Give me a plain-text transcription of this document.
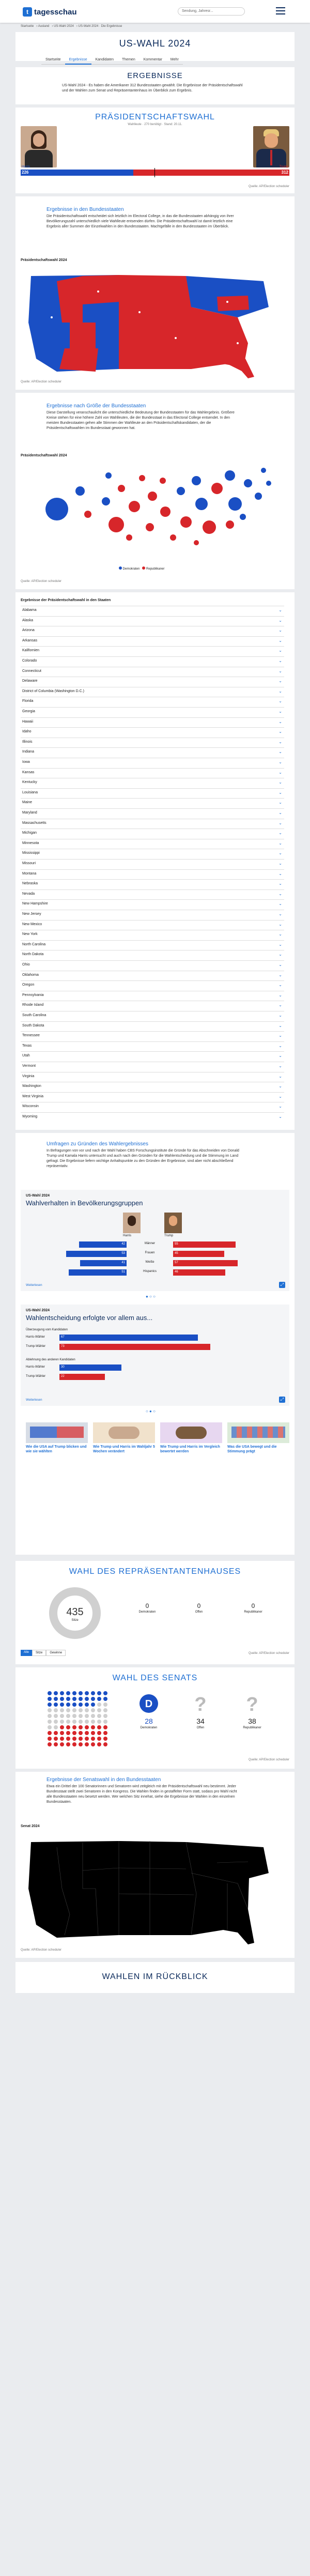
t tagesschau	Sendung, Jahresr...
Startseite › Ausland › US-Wahl 2024 › US-Wahl 2024 · Die Ergebnisse
US-WAHL 2024
Startseite	Ergebnisse	Kandidaten	Themen	Kommentar	Mehr
ERGEBNISSE
US-Wahl 2024 - Es haben die Amerikaner 312 Bundesstaaten gewählt. Die Ergebnisse der Präsidentschaftswahl und der Wahlen zum Senat und Repräsentantenhaus im Überblick zum Ergebnis.
PRÄSIDENTSCHAFTSWAHL
Wahlleute · 270 benötigt · Stand: 20.11.
226	312
Harris	Trump
Quelle: AP/Election scheduler
Ergebnisse in den Bundesstaaten
Die Präsidentschaftswahl entscheidet sich letztlich im Electoral College, in das die Bundesstaaten abhängig von ihrer Bevölkerungszahl unterschiedlich viele Wahlleute entsenden dürfen. Die Präsidentschaftswahl ist damit letztlich eine Ergebnis aller Summen der Einzelwahlen in den Bundesstaaten. Machtgefälle in den Bundesstaaten im Überblick.
Präsidentschaftswahl 2024
Quelle: AP/Election scheduler
Ergebnisse nach Größe der Bundesstaaten
Diese Darstellung veranschaulicht die unterschiedliche Bedeutung der Bundesstaaten für das Wahlergebnis. Größere Kreise stehen für eine höhere Zahl von Wahlleuten, die der Bundesstaat in das Electoral College entsendet. In den meisten Bundesstaaten gehen alle Stimmen der Wahlleute an den Präsidentschaftskandidaten, der die Präsidentschaftswahlen im Bundesstaat gewonnen hat.
Präsidentschaftswahl 2024
Demokraten Republikaner
Quelle: AP/Election scheduler
Ergebnisse der Präsidentschaftswahl in den Staaten
Alabama	⌄
Alaska	⌄
Arizona	⌄
Arkansas	⌄
Kalifornien	⌄
Colorado	⌄
Connecticut	⌄
Delaware	⌄
District of Columbia (Washington D.C.)	⌄
Florida	⌄
Georgia	⌄
Hawaii	⌄
Idaho	⌄
Illinois	⌄
Indiana	⌄
Iowa	⌄
Kansas	⌄
Kentucky	⌄
Louisiana	⌄
Maine	⌄
Maryland	⌄
Massachusetts	⌄
Michigan	⌄
Minnesota	⌄
Mississippi	⌄
Missouri	⌄
Montana	⌄
Nebraska	⌄
Nevada	⌄
New Hampshire	⌄
New Jersey	⌄
New Mexico	⌄
New York	⌄
North Carolina	⌄
North Dakota	⌄
Ohio	⌄
Oklahoma	⌄
Oregon	⌄
Pennsylvania	⌄
Rhode Island	⌄
South Carolina	⌄
South Dakota	⌄
Tennessee	⌄
Texas	⌄
Utah	⌄
Vermont	⌄
Virginia	⌄
Washington	⌄
West Virginia	⌄
Wisconsin	⌄
Wyoming	⌄
Umfragen zu Gründen des Wahlergebnisses
In Befragungen von vor und nach der Wahl haben CBS Forschungsinstitute die Gründe für das Abschneiden von Donald Trump und Kamala Harris untersucht und auch nach den Gründen für die Wahlentscheidung und die Stimmung im Land gefragt. Die Ergebnisse liefern wichtige Anhaltspunkte zu den Gründen der Ergebnisse, sind aber nicht abschließend repräsentativ.
US-Wahl 2024
Wahlverhalten in Bevölkerungsgruppen
Harris	Trump
Männer
42	55
Frauen
53	45
Weiße
41	57
Hispanics
51	46
Weiterlesen	⤢
● ○ ○
US-Wahl 2024
Wahlentscheidung erfolgte vor allem aus...
Überzeugung vom Kandidaten
Ablehnung des anderen Kandidaten
Harris-Wähler	67
Trump-Wähler	73
Harris-Wähler	30
Trump-Wähler	22
Weiterlesen	⤢
○ ● ○
Wie die USA auf Trump blicken und wie sie wählten
Wie Trump und Harris im Wahljahr 5 Wochen verändert
Wie Trump und Harris im Vergleich bewertet werden
Was die USA bewegt und die Stimmung prägt
WAHL DES REPRÄSENTANTENHAUSES
435
Sitze
0
Demokraten
0
Offen
0
Republikaner
Alle	Sitze	Gewinne	Quelle: AP/Election scheduler
WAHL DES SENATS
D ? ?
28
Demokraten
34
Offen
38
Republikaner
Quelle: AP/Election scheduler
Ergebnisse der Senatswahl in den Bundesstaaten
Etwa ein Drittel der 100 Senatorinnen und Senatoren wird zeitgleich mit der Präsidentschaftswahl neu bestimmt. Jeder Bundesstaat stellt zwei Senatoren in den Kongress. Die Wahlen finden in gestaffelter Form statt, sodass pro Wahl nicht alle Bundesstaaten neu besetzt werden. Wer welchen Sitz innehat, siehe die Ergebnisse der Wahlen in den einzelnen Bundesstaaten.
Senat 2024
Quelle: AP/Election scheduler
WAHLEN IM RÜCKBLICK
